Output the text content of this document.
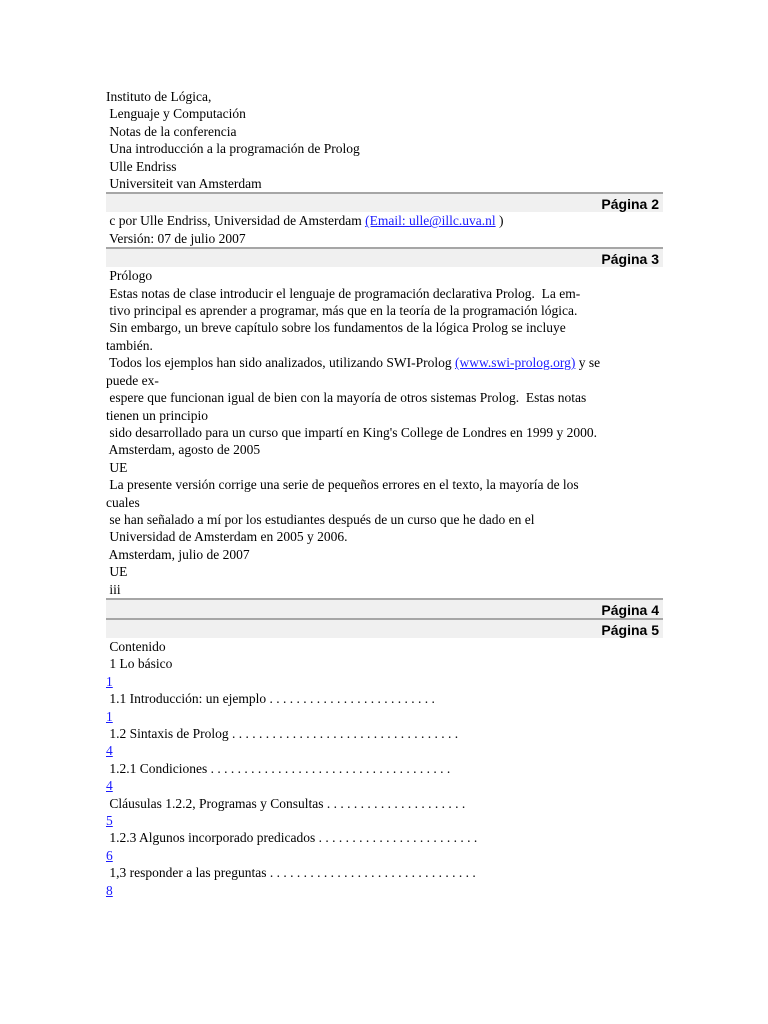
Instituto de Lógica,
Lenguaje y Computación
Notas de la conferencia
Una introducción a la programación de Prolog
Ulle Endriss
Universiteit van Amsterdam
Página 2
c por Ulle Endriss, Universidad de Amsterdam (Email: ulle@illc.uva.nl )
Versión: 07 de julio 2007
Página 3
Prólogo
Estas notas de clase introducir el lenguaje de programación declarativa Prolog.  La em-
tivo principal es aprender a programar, más que en la teoría de la programación lógica.
Sin embargo, un breve capítulo sobre los fundamentos de la lógica Prolog se incluye
también.
Todos los ejemplos han sido analizados, utilizando SWI-Prolog (www.swi-prolog.org) y se
puede ex-
espere que funcionan igual de bien con la mayoría de otros sistemas Prolog.  Estas notas
tienen un principio
sido desarrollado para un curso que impartí en King's College de Londres en 1999 y 2000.
Amsterdam, agosto de 2005
UE
La presente versión corrige una serie de pequeños errores en el texto, la mayoría de los
cuales
se han señalado a mí por los estudiantes después de un curso que he dado en el
Universidad de Amsterdam en 2005 y 2006.
Amsterdam, julio de 2007
UE
iii
Página 4
Página 5
Contenido
1 Lo básico
1
1.1 Introducción: un ejemplo . . . . . . . . . . . . . . . . . . . . . . . . .
1
1.2 Sintaxis de Prolog . . . . . . . . . . . . . . . . . . . . . . . . . . . . . . . . . .
4
1.2.1 Condiciones . . . . . . . . . . . . . . . . . . . . . . . . . . . . . . . . . . . .
4
Cláusulas 1.2.2, Programas y Consultas . . . . . . . . . . . . . . . . . . . . .
5
1.2.3 Algunos incorporado predicados . . . . . . . . . . . . . . . . . . . . . . . .
6
1,3 responder a las preguntas . . . . . . . . . . . . . . . . . . . . . . . . . . . . . . .
8
